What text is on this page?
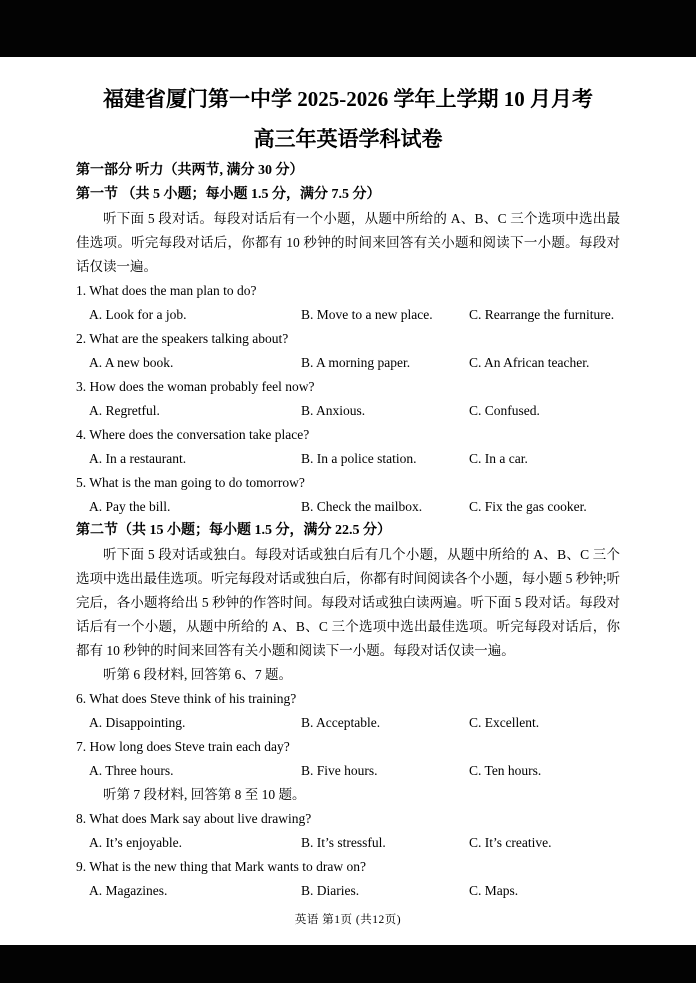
福建省厦门第一中学 2025-2026 学年上学期 10 月月考
高三年英语学科试卷
第一部分 听力（共两节, 满分 30 分）
第一节 （共 5 小题；每小题 1.5 分，满分 7.5 分）
听下面 5 段对话。每段对话后有一个小题，从题中所给的 A、B、C 三个选项中选出最佳选项。听完每段对话后，你都有 10 秒钟的时间来回答有关小题和阅读下一小题。每段对话仅读一遍。
1. What does the man plan to do?
A. Look for a job.	B. Move to a new place.	C. Rearrange the furniture.
2. What are the speakers talking about?
A. A new book.	B. A morning paper.	C. An African teacher.
3. How does the woman probably feel now?
A. Regretful.	B. Anxious.	C. Confused.
4. Where does the conversation take place?
A. In a restaurant.	B. In a police station.	C. In a car.
5. What is the man going to do tomorrow?
A. Pay the bill.	B. Check the mailbox.	C. Fix the gas cooker.
第二节（共 15 小题；每小题 1.5 分，满分 22.5 分）
听下面 5 段对话或独白。每段对话或独白后有几个小题，从题中所给的 A、B、C 三个选项中选出最佳选项。听完每段对话或独白后，你都有时间阅读各个小题，每小题 5 秒钟;听完后，各小题将给出 5 秒钟的作答时间。每段对话或独白读两遍。听下面 5 段对话。每段对话后有一个小题，从题中所给的 A、B、C 三个选项中选出最佳选项。听完每段对话后，你都有 10 秒钟的时间来回答有关小题和阅读下一小题。每段对话仅读一遍。
听第 6 段材料, 回答第 6、7 题。
6. What does Steve think of his training?
A. Disappointing.	B. Acceptable.	C. Excellent.
7. How long does Steve train each day?
A. Three hours.	B. Five hours.	C. Ten hours.
听第 7 段材料, 回答第 8 至 10 题。
8. What does Mark say about live drawing?
A. It’s enjoyable.	B. It’s stressful.	C. It’s creative.
9. What is the new thing that Mark wants to draw on?
A. Magazines.	B. Diaries.	C. Maps.
英语 第1页 (共12页)
